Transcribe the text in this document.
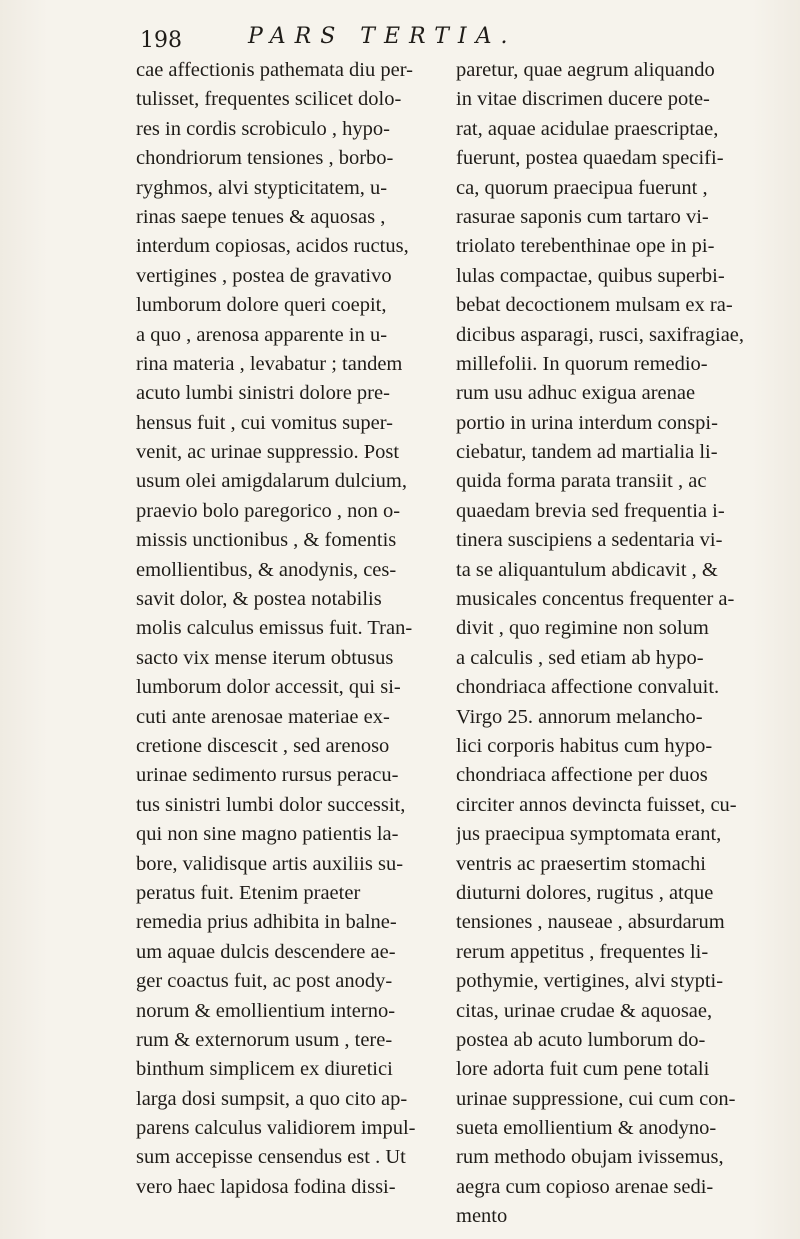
198	PARS TERTIA.
cae affectionis pathemata diu per-
tulisset, frequentes scilicet dolo-
res in cordis scrobiculo , hypo-
chondriorum tensiones , borbo-
ryghmos, alvi stypticitatem, u-
rinas saepe tenues & aquosas ,
interdum copiosas, acidos ructus,
vertigines , postea de gravativo
lumborum dolore queri coepit,
a quo , arenosa apparente in u-
rina materia , levabatur ; tandem
acuto lumbi sinistri dolore pre-
hensus fuit , cui vomitus super-
venit, ac urinae suppressio. Post
usum olei amigdalarum dulcium,
praevio bolo paregorico , non o-
missis unctionibus , & fomentis
emollientibus, & anodynis, ces-
savit dolor, & postea notabilis
molis calculus emissus fuit. Tran-
sacto vix mense iterum obtusus
lumborum dolor accessit, qui si-
cuti ante arenosae materiae ex-
cretione discescit , sed arenoso
urinae sedimento rursus peracu-
tus sinistri lumbi dolor successit,
qui non sine magno patientis la-
bore, validisque artis auxiliis su-
peratus fuit. Etenim praeter
remedia prius adhibita in balne-
um aquae dulcis descendere ae-
ger coactus fuit, ac post anody-
norum & emollientium interno-
rum & externorum usum , tere-
binthum simplicem ex diuretici
larga dosi sumpsit, a quo cito ap-
parens calculus validiorem impul-
sum accepisse censendus est . Ut
vero haec lapidosa fodina dissi-
paretur, quae aegrum aliquando
in vitae discrimen ducere pote-
rat, aquae acidulae praescriptae,
fuerunt, postea quaedam specifi-
ca, quorum praecipua fuerunt ,
rasurae saponis cum tartaro vi-
triolato terebenthinae ope in pi-
lulas compactae, quibus superbi-
bebat decoctionem mulsam ex ra-
dicibus asparagi, rusci, saxifragiae,
millefolii. In quorum remedio-
rum usu adhuc exigua arenae
portio in urina interdum conspi-
ciebatur, tandem ad martialia li-
quida forma parata transiit , ac
quaedam brevia sed frequentia i-
tinera suscipiens a sedentaria vi-
ta se aliquantulum abdicavit , &
musicales concentus frequenter a-
divit , quo regimine non solum
a calculis , sed etiam ab hypo-
chondriaca affectione convaluit.
Virgo 25. annorum melancho-
lici corporis habitus cum hypo-
chondriaca affectione per duos
circiter annos devincta fuisset, cu-
jus praecipua symptomata erant,
ventris ac praesertim stomachi
diuturni dolores, rugitus , atque
tensiones , nauseae , absurdarum
rerum appetitus , frequentes li-
pothymie, vertigines, alvi stypti-
citas, urinae crudae & aquosae,
postea ab acuto lumborum do-
lore adorta fuit cum pene totali
urinae suppressione, cui cum con-
sueta emollientium & anodyno-
rum methodo obujam ivissemus,
aegra cum copioso arenae sedi-
mento
